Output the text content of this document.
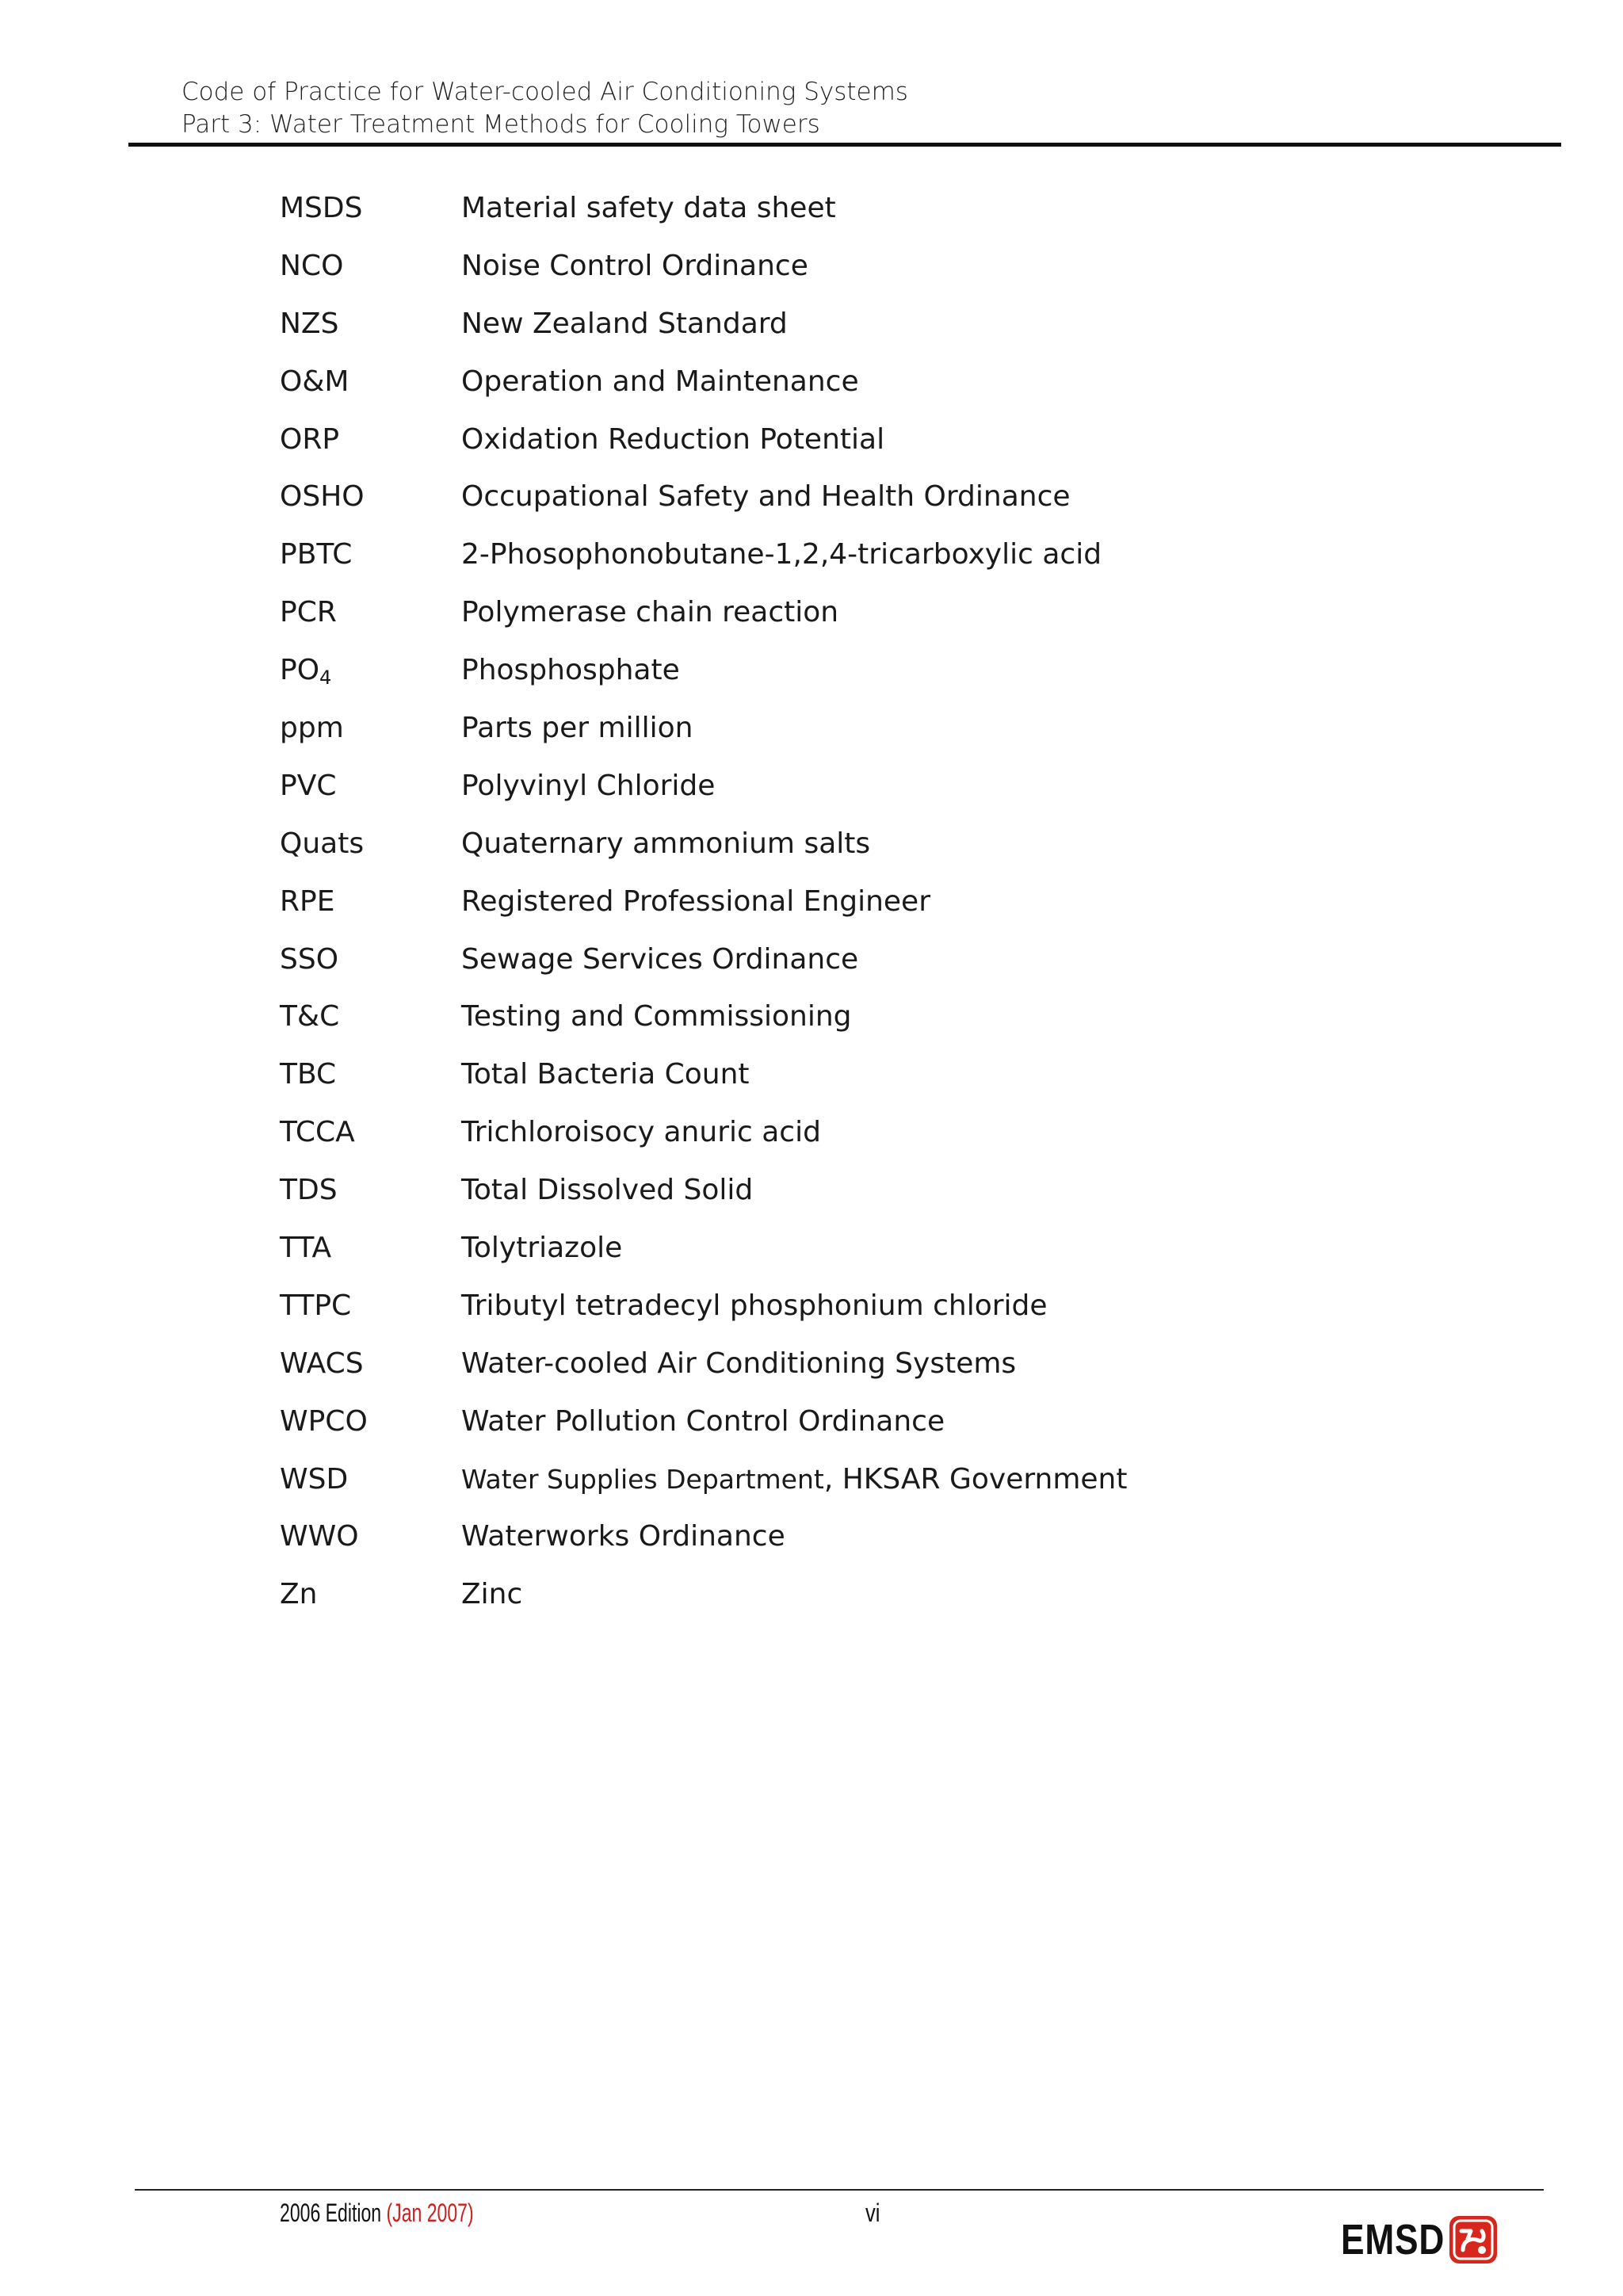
Code of Practice for Water-cooled Air Conditioning Systems
Part 3: Water Treatment Methods for Cooling Towers
MSDS	Material safety data sheet
NCO	Noise Control Ordinance
NZS	New Zealand Standard
O&M	Operation and Maintenance
ORP	Oxidation Reduction Potential
OSHO	Occupational Safety and Health Ordinance
PBTC	2-Phosophonobutane-1,2,4-tricarboxylic acid
PCR	Polymerase chain reaction
$PO_4$	Phosphosphate
ppm	Parts per million
PVC	Polyvinyl Chloride
Quats	Quaternary ammonium salts
RPE	Registered Professional Engineer
SSO	Sewage Services Ordinance
T&C	Testing and Commissioning
TBC	Total Bacteria Count
TCCA	Trichloroisocy anuric acid
TDS	Total Dissolved Solid
TTA	Tolytriazole
TTPC	Tributyl tetradecyl phosphonium chloride
WACS	Water-cooled Air Conditioning Systems
WPCO	Water Pollution Control Ordinance
WSD	Water Supplies Department, HKSAR Government
WWO	Waterworks Ordinance
Zn	Zinc
2006 Edition (Jan 2007)	vi
EMSD
